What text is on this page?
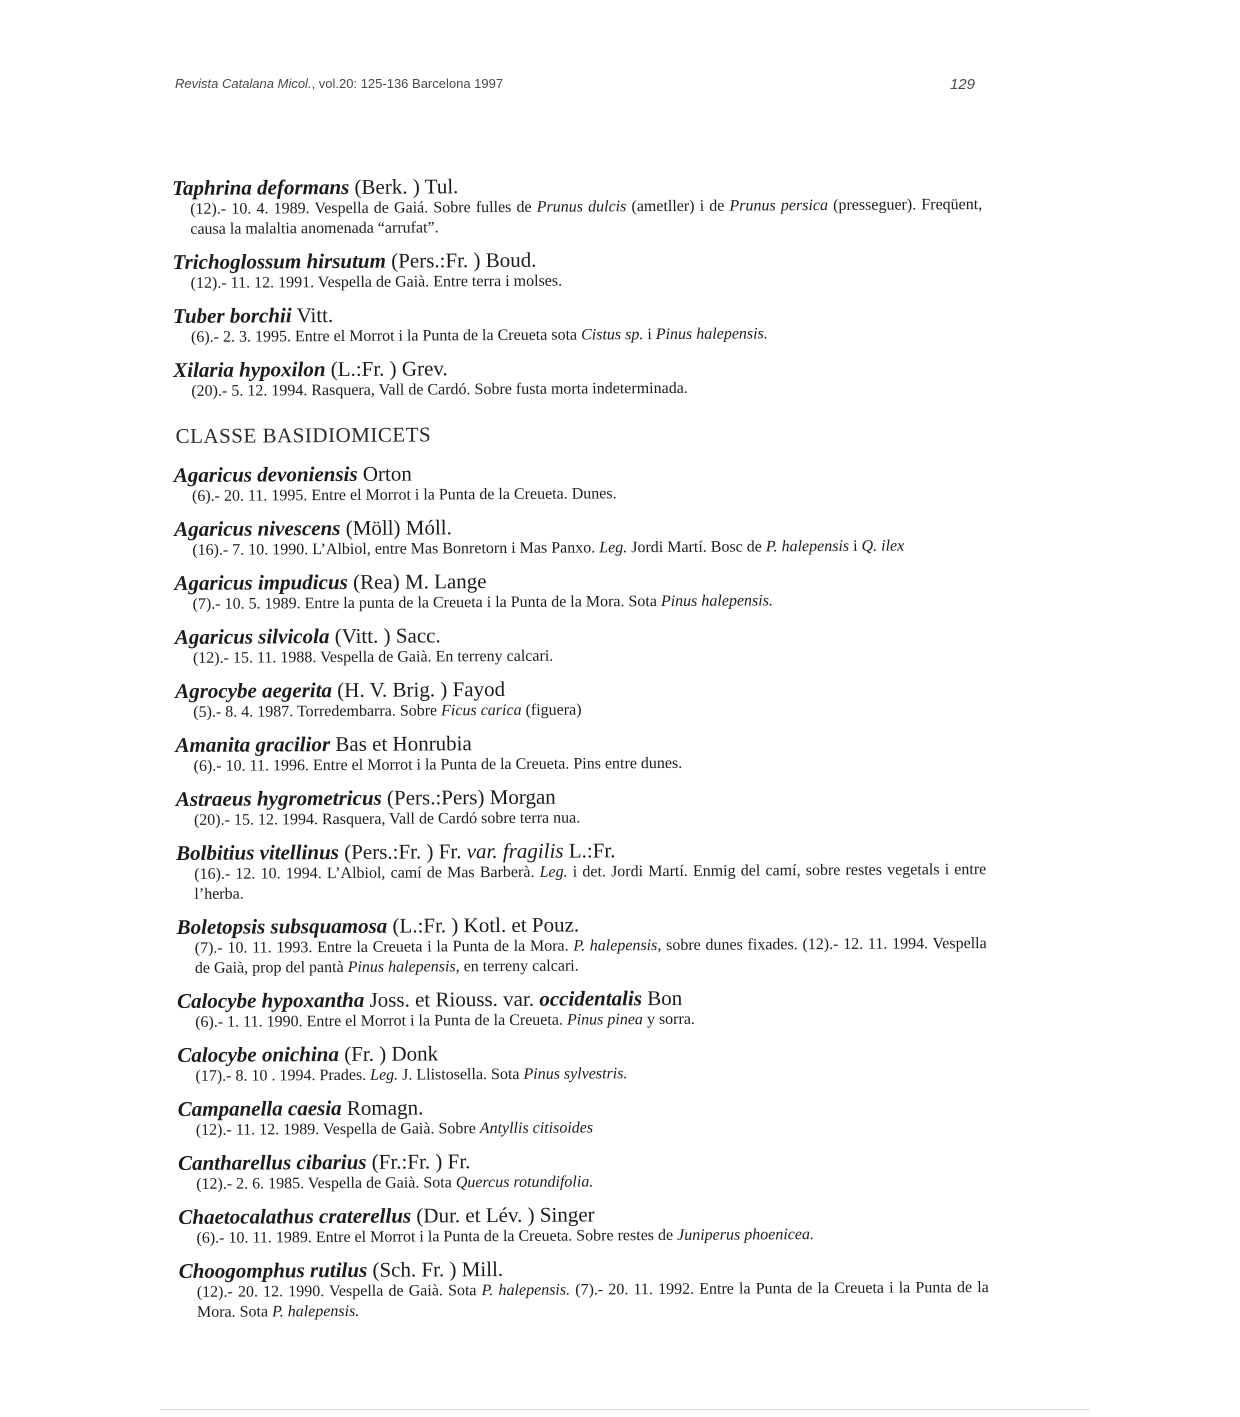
Revista Catalana Micol., vol.20: 125-136 Barcelona 1997	129
Taphrina deformans (Berk. ) Tul.
(12).- 10. 4. 1989. Vespella de Gaiá. Sobre fulles de Prunus dulcis (ametller) i de Prunus persica (presseguer). Freqüent, causa la malaltia anomenada “arrufat”.
Trichoglossum hirsutum (Pers.:Fr. ) Boud.
(12).- 11. 12. 1991. Vespella de Gaià. Entre terra i molses.
Tuber borchii Vitt.
(6).- 2. 3. 1995. Entre el Morrot i la Punta de la Creueta sota Cistus sp. i Pinus halepensis.
Xilaria hypoxilon (L.:Fr. ) Grev.
(20).- 5. 12. 1994. Rasquera, Vall de Cardó. Sobre fusta morta indeterminada.
CLASSE BASIDIOMICETS
Agaricus devoniensis Orton
(6).- 20. 11. 1995. Entre el Morrot i la Punta de la Creueta. Dunes.
Agaricus nivescens (Möll) Móll.
(16).- 7. 10. 1990. L’Albiol, entre Mas Bonretorn i Mas Panxo. Leg. Jordi Martí. Bosc de P. halepensis i Q. ilex
Agaricus impudicus (Rea) M. Lange
(7).- 10. 5. 1989. Entre la punta de la Creueta i la Punta de la Mora. Sota Pinus halepensis.
Agaricus silvicola (Vitt. ) Sacc.
(12).- 15. 11. 1988. Vespella de Gaià. En terreny calcari.
Agrocybe aegerita (H. V. Brig. ) Fayod
(5).- 8. 4. 1987. Torredembarra. Sobre Ficus carica (figuera)
Amanita gracilior Bas et Honrubia
(6).- 10. 11. 1996. Entre el Morrot i la Punta de la Creueta. Pins entre dunes.
Astraeus hygrometricus (Pers.:Pers) Morgan
(20).- 15. 12. 1994. Rasquera, Vall de Cardó sobre terra nua.
Bolbitius vitellinus (Pers.:Fr. ) Fr. var. fragilis L.:Fr.
(16).- 12. 10. 1994. L’Albiol, camí de Mas Barberà. Leg. i det. Jordi Martí. Enmig del camí, sobre restes vegetals i entre l’herba.
Boletopsis subsquamosa (L.:Fr. ) Kotl. et Pouz.
(7).- 10. 11. 1993. Entre la Creueta i la Punta de la Mora. P. halepensis, sobre dunes fixades. (12).- 12. 11. 1994. Vespella de Gaià, prop del pantà Pinus halepensis, en terreny calcari.
Calocybe hypoxantha Joss. et Riouss. var. occidentalis Bon
(6).- 1. 11. 1990. Entre el Morrot i la Punta de la Creueta. Pinus pinea y sorra.
Calocybe onichina (Fr. ) Donk
(17).- 8. 10 . 1994. Prades. Leg. J. Llistosella. Sota Pinus sylvestris.
Campanella caesia Romagn.
(12).- 11. 12. 1989. Vespella de Gaià. Sobre Antyllis citisoides
Cantharellus cibarius (Fr.:Fr. ) Fr.
(12).- 2. 6. 1985. Vespella de Gaià. Sota Quercus rotundifolia.
Chaetocalathus craterellus (Dur. et Lév. ) Singer
(6).- 10. 11. 1989. Entre el Morrot i la Punta de la Creueta. Sobre restes de Juniperus phoenicea.
Choogomphus rutilus (Sch. Fr. ) Mill.
(12).- 20. 12. 1990. Vespella de Gaià. Sota P. halepensis. (7).- 20. 11. 1992. Entre la Punta de la Creueta i la Punta de la Mora. Sota P. halepensis.
